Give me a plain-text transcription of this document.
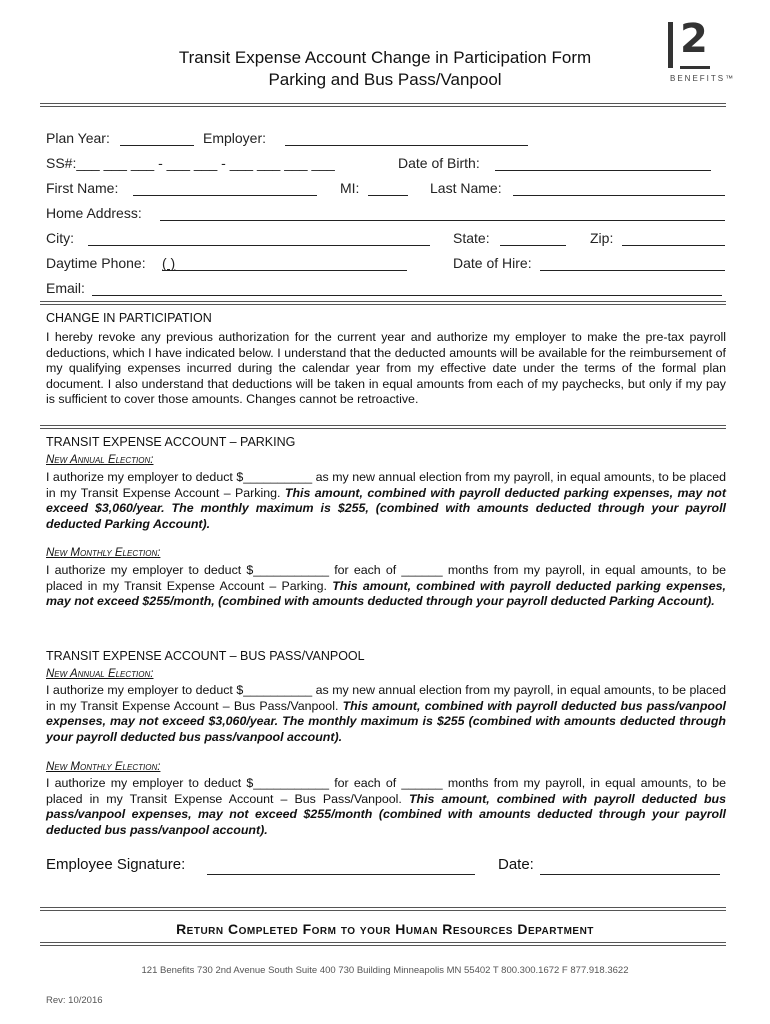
Transit Expense Account Change in Participation Form
Parking and Bus Pass/Vanpool
2
BENEFITS™
Plan Year:	Employer:
SS#:___ ___ ___ - ___ ___ - ___ ___ ___ ___	Date of Birth:
First Name:	MI:	Last Name:
Home Address:
City:	State:	Zip:
Daytime Phone: ( )	Date of Hire:
Email:
CHANGE IN PARTICIPATION
I hereby revoke any previous authorization for the current year and authorize my employer to make the pre-tax payroll deductions, which I have indicated below. I understand that the deducted amounts will be available for the reimbursement of my qualifying expenses incurred during the calendar year from my effective date under the terms of the formal plan document. I also understand that deductions will be taken in equal amounts from each of my paychecks, but only if my pay is sufficient to cover those amounts. Changes cannot be retroactive.
TRANSIT EXPENSE ACCOUNT – PARKING
New Annual Election:
I authorize my employer to deduct $__________ as my new annual election from my payroll, in equal amounts, to be placed in my Transit Expense Account – Parking. This amount, combined with payroll deducted parking expenses, may not exceed $3,060/year. The monthly maximum is $255, (combined with amounts deducted through your payroll deducted Parking Account).
New Monthly Election:
I authorize my employer to deduct $___________ for each of ______ months from my payroll, in equal amounts, to be placed in my Transit Expense Account – Parking. This amount, combined with payroll deducted parking expenses, may not exceed $255/month, (combined with amounts deducted through your payroll deducted Parking Account).
TRANSIT EXPENSE ACCOUNT – BUS PASS/VANPOOL
New Annual Election:
I authorize my employer to deduct $__________ as my new annual election from my payroll, in equal amounts, to be placed in my Transit Expense Account – Bus Pass/Vanpool. This amount, combined with payroll deducted bus pass/vanpool expenses, may not exceed $3,060/year. The monthly maximum is $255 (combined with amounts deducted through your payroll deducted bus pass/vanpool account).
New Monthly Election:
I authorize my employer to deduct $___________ for each of ______ months from my payroll, in equal amounts, to be placed in my Transit Expense Account – Bus Pass/Vanpool. This amount, combined with payroll deducted bus pass/vanpool expenses, may not exceed $255/month (combined with amounts deducted through your payroll deducted bus pass/vanpool account).
Employee Signature:	Date:
Return Completed Form to your Human Resources Department
121 Benefits 730 2nd Avenue South Suite 400 730 Building Minneapolis MN 55402 T 800.300.1672 F 877.918.3622
Rev: 10/2016
